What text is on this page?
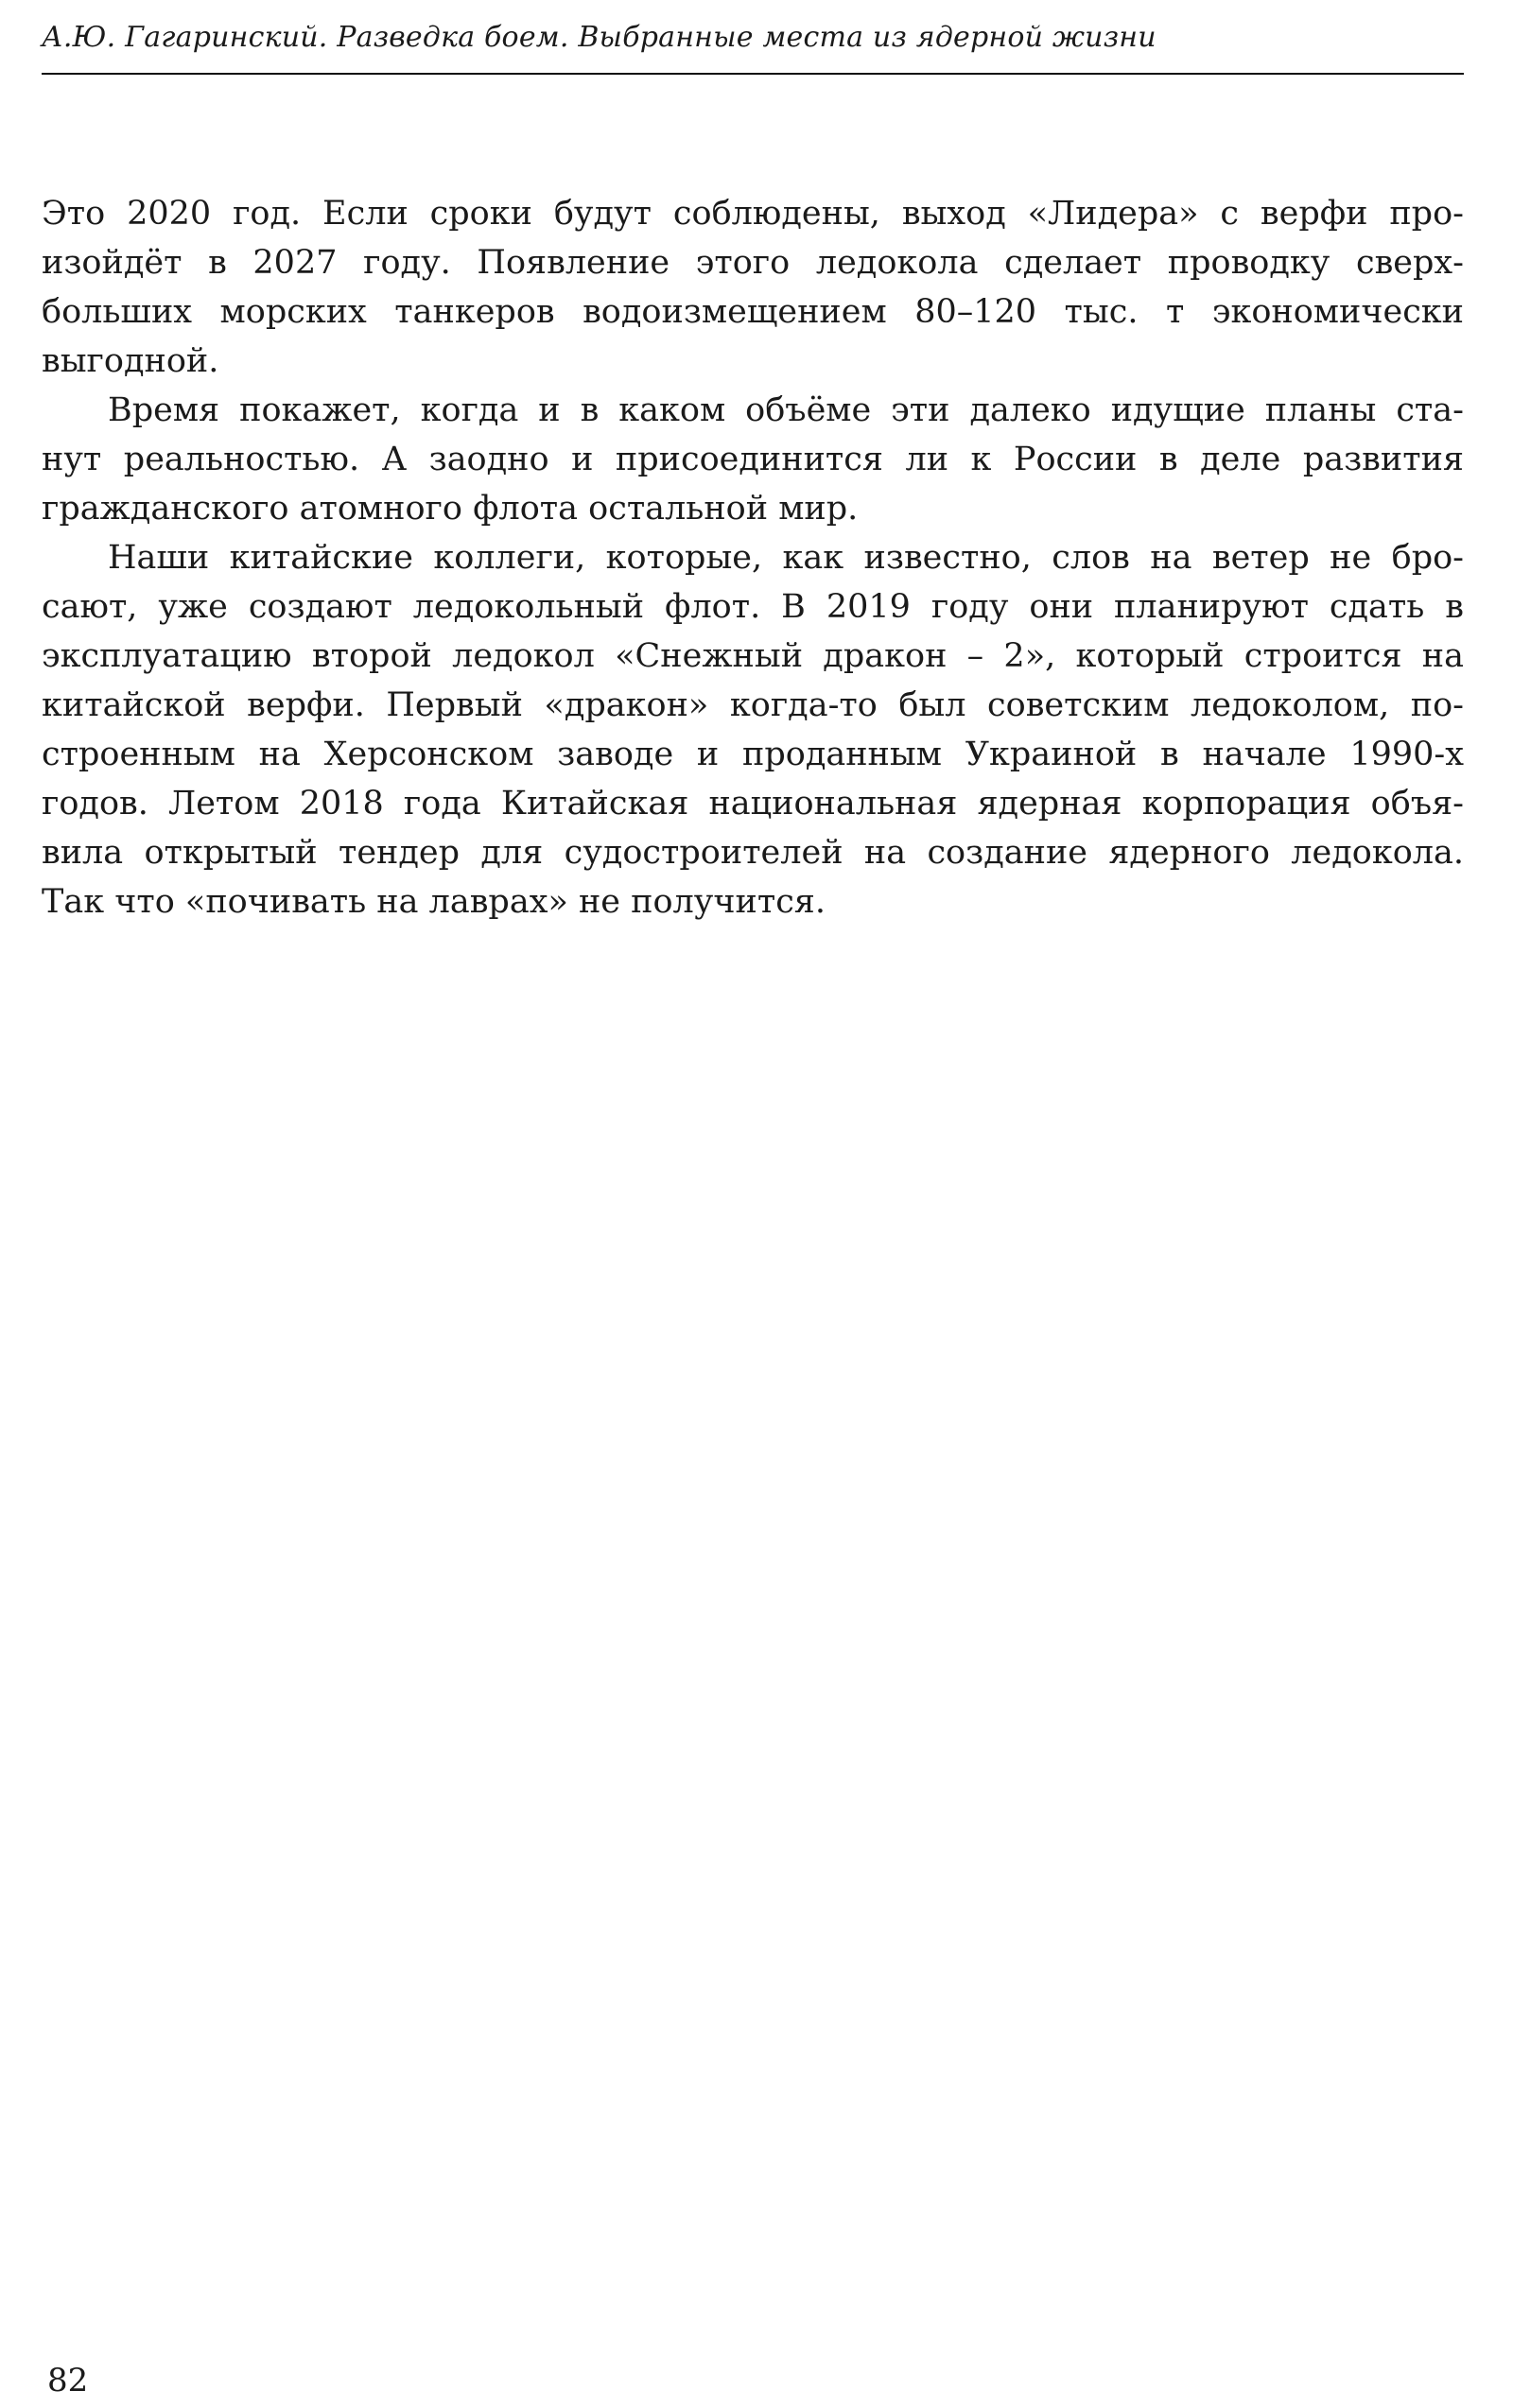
А.Ю. Гагаринский. Разведка боем. Выбранные места из ядерной жизни
Это 2020 год. Если сроки будут соблюдены, выход «Лидера» с верфи про-
изойдёт в 2027 году. Появление этого ледокола сделает проводку сверх-
больших морских танкеров водоизмещением 80–120 тыс. т экономически
выгодной.
Время покажет, когда и в каком объёме эти далеко идущие планы ста-
нут реальностью. А заодно и присоединится ли к России в деле развития
гражданского атомного флота остальной мир.
Наши китайские коллеги, которые, как известно, слов на ветер не бро-
сают, уже создают ледокольный флот. В 2019 году они планируют сдать в
эксплуатацию второй ледокол «Снежный дракон – 2», который строится на
китайской верфи. Первый «дракон» когда-то был советским ледоколом, по-
строенным на Херсонском заводе и проданным Украиной в начале 1990-х
годов. Летом 2018 года Китайская национальная ядерная корпорация объя-
вила открытый тендер для судостроителей на создание ядерного ледокола.
Так что «почивать на лаврах» не получится.
82
